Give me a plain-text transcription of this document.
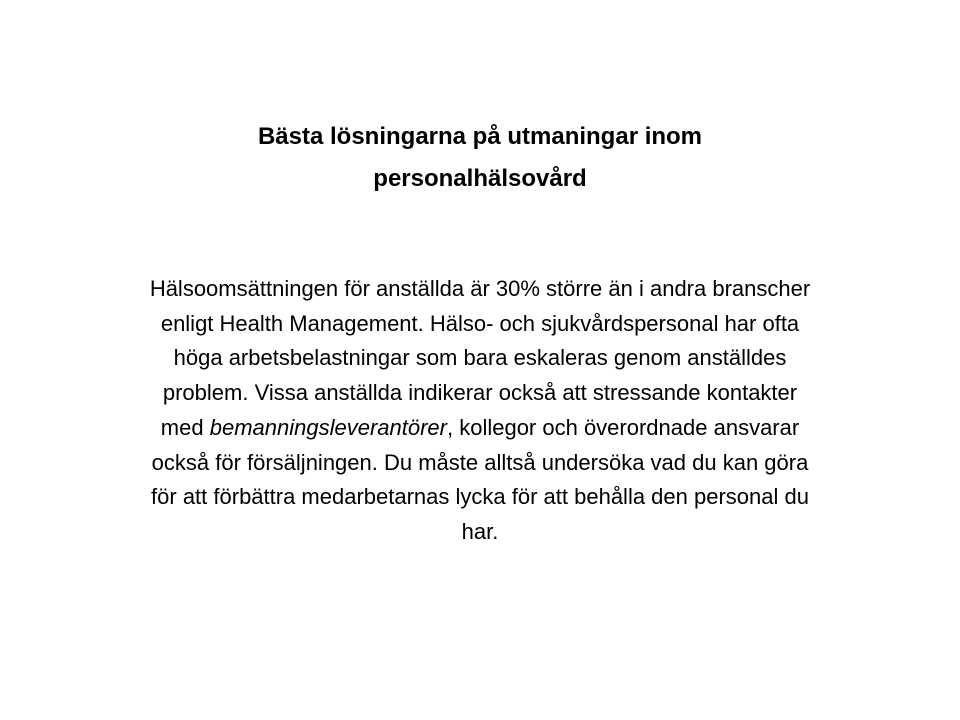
Bästa lösningarna på utmaningar inom
personalhälsovård
Hälsoomsättningen för anställda är 30% större än i andra branscher
enligt Health Management. Hälso- och sjukvårdspersonal har ofta
höga arbetsbelastningar som bara eskaleras genom anställdes
problem. Vissa anställda indikerar också att stressande kontakter
med bemanningsleverantörer, kollegor och överordnade ansvarar
också för försäljningen. Du måste alltså undersöka vad du kan göra
för att förbättra medarbetarnas lycka för att behålla den personal du
har.
